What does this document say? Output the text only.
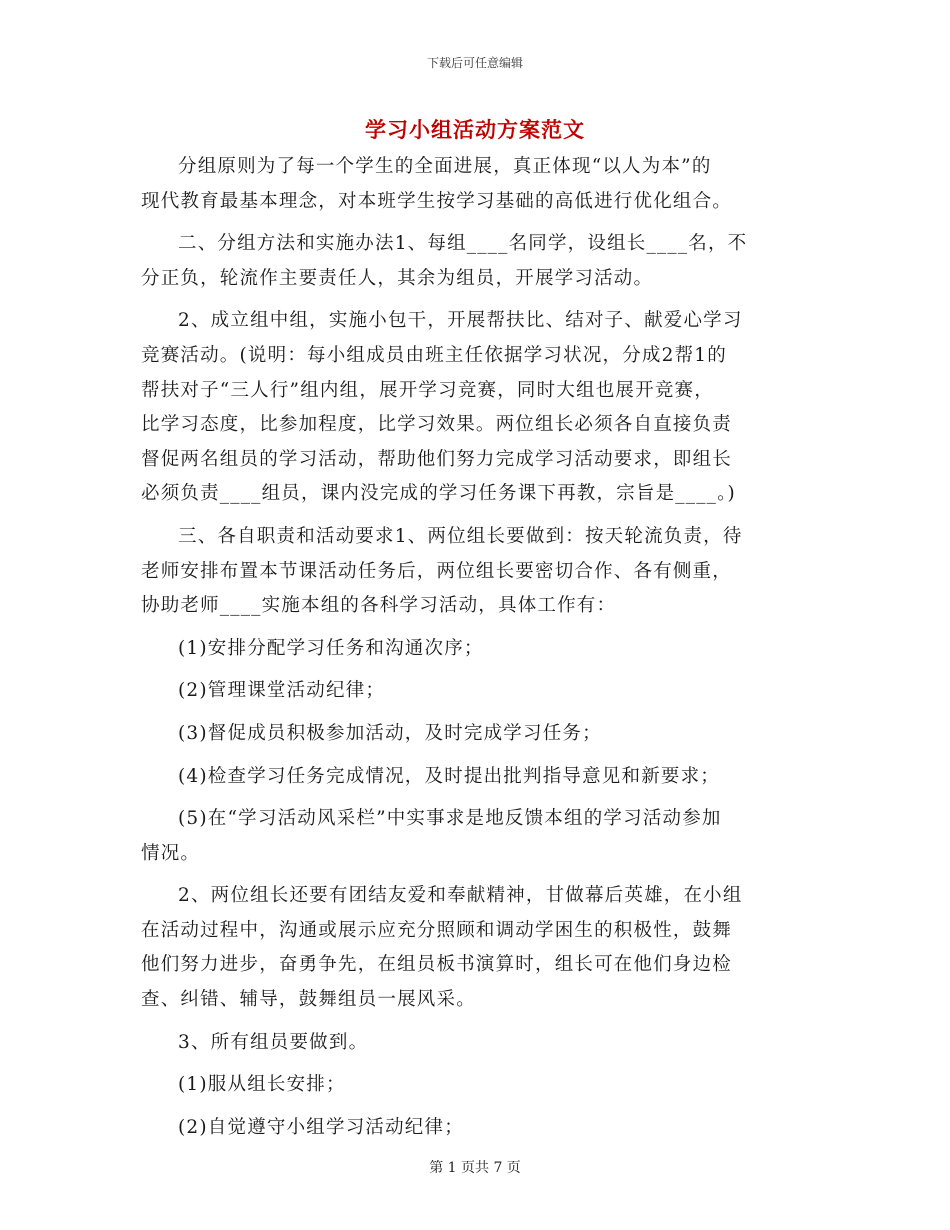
下载后可任意编辑
学习小组活动方案范文

分组原则为了每一个学生的全面进展，真正体现“以人为本”的
现代教育最基本理念，对本班学生按学习基础的高低进行优化组合。

二、分组方法和实施办法1、每组____名同学，设组长____名，不
分正负，轮流作主要责任人，其余为组员，开展学习活动。

2、成立组中组，实施小包干，开展帮扶比、结对子、献爱心学习
竞赛活动。(说明：每小组成员由班主任依据学习状况，分成2帮1的
帮扶对子“三人行”组内组，展开学习竞赛，同时大组也展开竞赛，
比学习态度，比参加程度，比学习效果。两位组长必须各自直接负责
督促两名组员的学习活动，帮助他们努力完成学习活动要求，即组长
必须负责____组员，课内没完成的学习任务课下再教，宗旨是____。)

三、各自职责和活动要求1、两位组长要做到：按天轮流负责，待
老师安排布置本节课活动任务后，两位组长要密切合作、各有侧重，
协助老师____实施本组的各科学习活动，具体工作有：

(1)安排分配学习任务和沟通次序；

(2)管理课堂活动纪律；

(3)督促成员积极参加活动，及时完成学习任务；

(4)检查学习任务完成情况，及时提出批判指导意见和新要求；

(5)在“学习活动风采栏”中实事求是地反馈本组的学习活动参加
情况。

2、两位组长还要有团结友爱和奉献精神，甘做幕后英雄，在小组
在活动过程中，沟通或展示应充分照顾和调动学困生的积极性，鼓舞
他们努力进步，奋勇争先，在组员板书演算时，组长可在他们身边检
查、纠错、辅导，鼓舞组员一展风采。

3、所有组员要做到。

(1)服从组长安排；

(2)自觉遵守小组学习活动纪律；

第 1 页共 7 页
